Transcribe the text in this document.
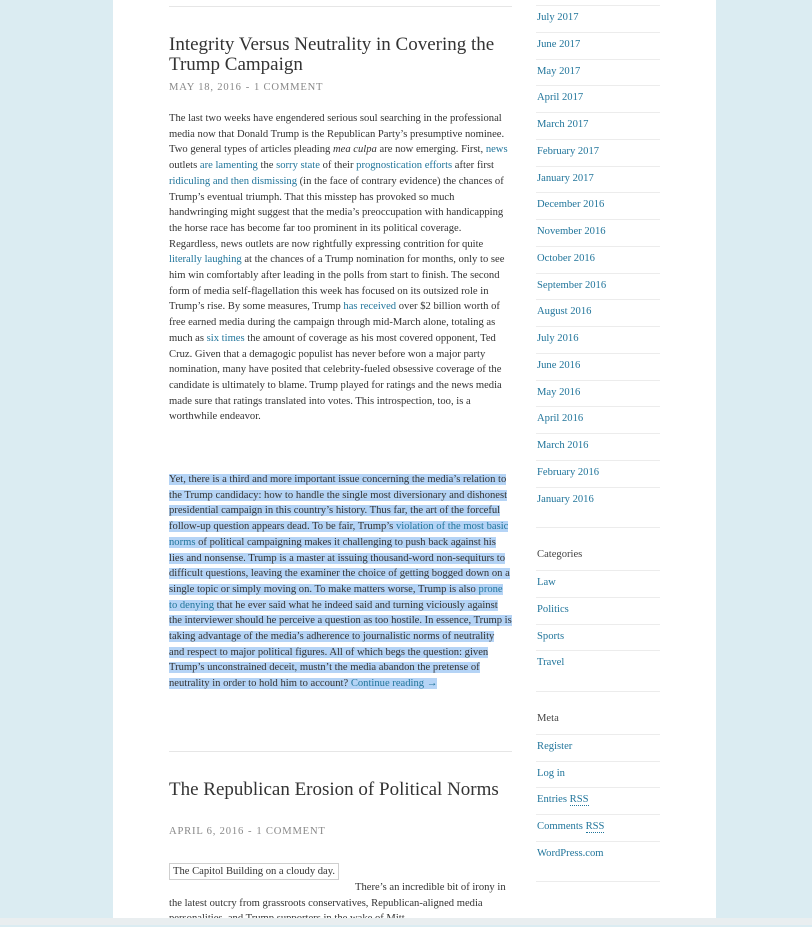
Integrity Versus Neutrality in Covering the Trump Campaign
MAY 18, 2016 - 1 COMMENT

The last two weeks have engendered serious soul searching in the professional media now that Donald Trump is the Republican Party’s presumptive nominee. Two general types of articles pleading mea culpa are now emerging. First, news outlets are lamenting the sorry state of their prognostication efforts after first ridiculing and then dismissing (in the face of contrary evidence) the chances of Trump’s eventual triumph. That this misstep has provoked so much handwringing might suggest that the media’s preoccupation with handicapping the horse race has become far too prominent in its political coverage. Regardless, news outlets are now rightfully expressing contrition for quite literally laughing at the chances of a Trump nomination for months, only to see him win comfortably after leading in the polls from start to finish. The second form of media self-flagellation this week has focused on its outsized role in Trump’s rise. By some measures, Trump has received over $2 billion worth of free earned media during the campaign through mid-March alone, totaling as much as six times the amount of coverage as his most covered opponent, Ted Cruz. Given that a demagogic populist has never before won a major party nomination, many have posited that celebrity-fueled obsessive coverage of the candidate is ultimately to blame. Trump played for ratings and the news media made sure that ratings translated into votes. This introspection, too, is a worthwhile endeavor.

Yet, there is a third and more important issue concerning the media’s relation to the Trump candidacy: how to handle the single most diversionary and dishonest presidential campaign in this country’s history. Thus far, the art of the forceful follow-up question appears dead. To be fair, Trump’s violation of the most basic norms of political campaigning makes it challenging to push back against his lies and nonsense. Trump is a master at issuing thousand-word non-sequiturs to difficult questions, leaving the examiner the choice of getting bogged down on a single topic or simply moving on. To make matters worse, Trump is also prone to denying that he ever said what he indeed said and turning viciously against the interviewer should he perceive a question as too hostile. In essence, Trump is taking advantage of the media’s adherence to journalistic norms of neutrality and respect to major political figures. All of which begs the question: given Trump’s unconstrained deceit, mustn’t the media abandon the pretense of neutrality in order to hold him to account? Continue reading →

The Republican Erosion of Political Norms
APRIL 6, 2016 - 1 COMMENT
The Capitol Building on a cloudy day.
There’s an incredible bit of irony in the latest outcry from grassroots conservatives, Republican-aligned media
Categories
Meta
Register
Log in
Entries RSS
Comments RSS
WordPress.com
July 2017
June 2017
May 2017
April 2017
March 2017
February 2017
January 2017
December 2016
November 2016
October 2016
September 2016
August 2016
July 2016
June 2016
May 2016
April 2016
March 2016
February 2016
January 2016
Law
Politics
Sports
Travel
